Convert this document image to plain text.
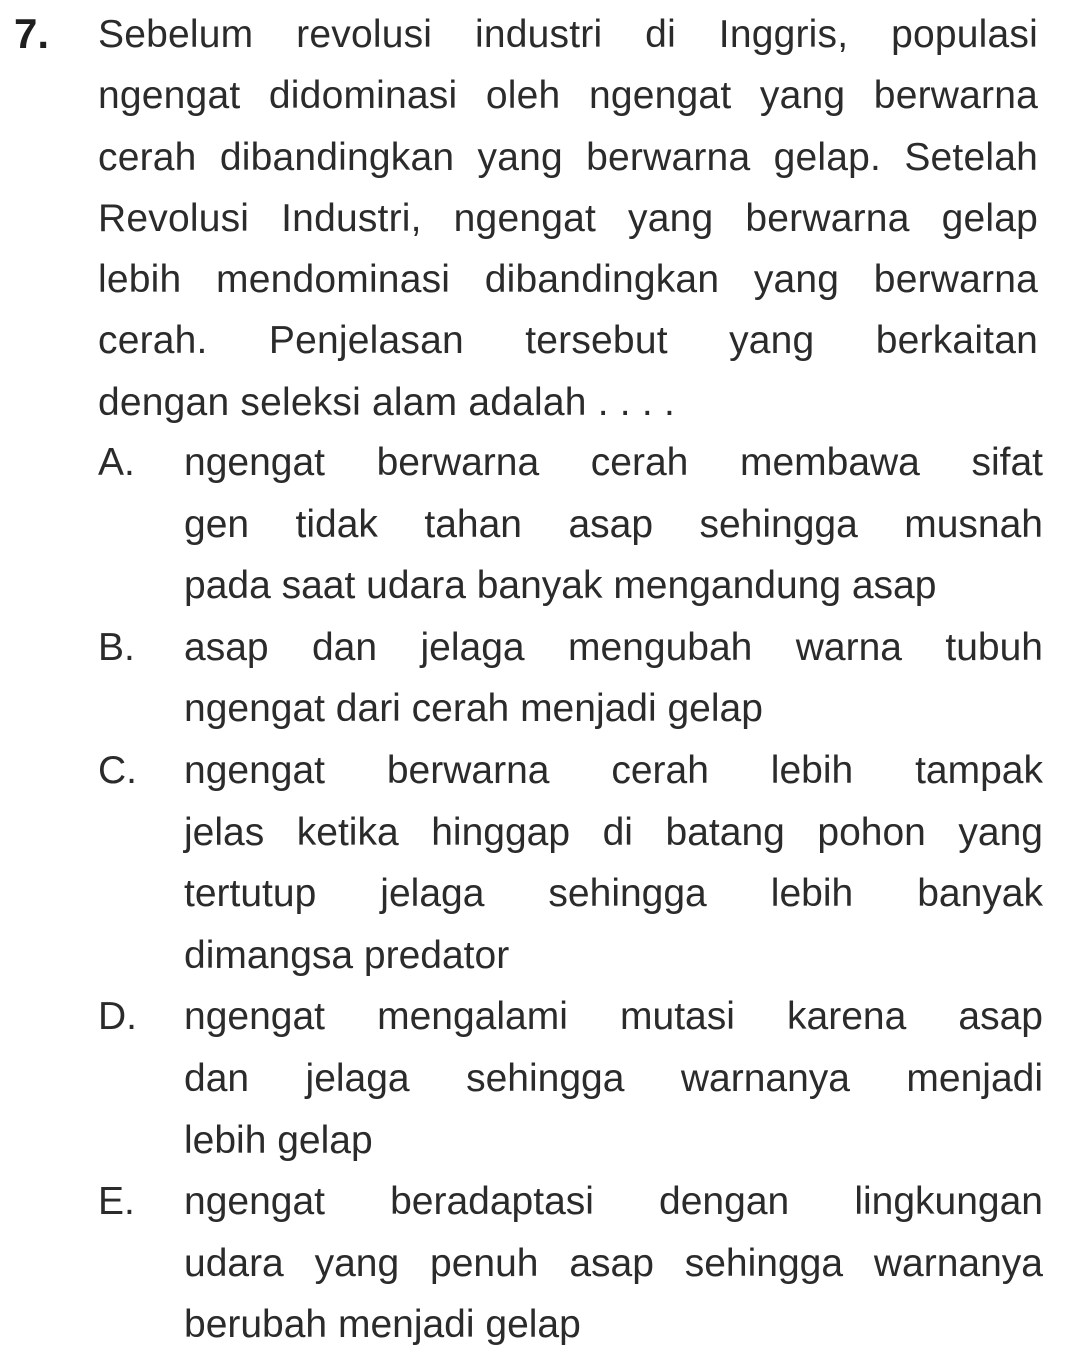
7. Sebelum revolusi industri di Inggris, populasi
ngengat didominasi oleh ngengat yang berwarna
cerah dibandingkan yang berwarna gelap. Setelah
Revolusi Industri, ngengat yang berwarna gelap
lebih mendominasi dibandingkan yang berwarna
cerah. Penjelasan tersebut yang berkaitan
dengan seleksi alam adalah . . . .
A.	ngengat berwarna cerah membawa sifat
gen tidak tahan asap sehingga musnah
pada saat udara banyak mengandung asap
B.	asap dan jelaga mengubah warna tubuh
ngengat dari cerah menjadi gelap
C.	ngengat berwarna cerah lebih tampak
jelas ketika hinggap di batang pohon yang
tertutup jelaga sehingga lebih banyak
dimangsa predator
D.	ngengat mengalami mutasi karena asap
dan jelaga sehingga warnanya menjadi
lebih gelap
E.	ngengat beradaptasi dengan lingkungan
udara yang penuh asap sehingga warnanya
berubah menjadi gelap
